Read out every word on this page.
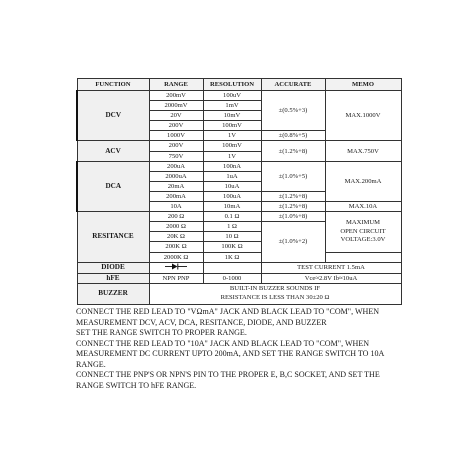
FUNCTION	RANGE	RESOLUTION	ACCURATE	MEMO
DCV	200mV	100uV	±(0.5%+3)	MAX.1000V
	2000mV	1mV		
	20V	10mV		
	200V	100mV		
	1000V	1V	±(0.8%+5)	
ACV	200V	100mV	±(1.2%+8)	MAX.750V
	750V	1V		
DCA	200uA	100nA	±(1.0%+5)	MAX.200mA
	2000uA	1uA		
	20mA	10uA		
	200mA	100uA	±(1.2%+8)	
	10A	10mA	±(1.2%+8)	MAX.10A
RESITANCE	200 Ω	0.1 Ω	±(1.0%+8)	MAXIMUM
OPEN CIRCUIT
VOLTAGE:3.0V

	2000 Ω	1 Ω	±(1.0%+2)	
	20K Ω	10 Ω		
	200K Ω	100K Ω		
	2000K Ω	1K Ω		
DIODE			TEST CURRENT 1.5mA	
hFE	NPN PNP	0-1000	Vce≈2.8V Ib≈10uA	
BUZZER	BUILT-IN BUZZER SOUNDS IF
RESISTANCE IS LESS THAN 30±20 Ω			

CONNECT THE RED LEAD TO "VΩmA" JACK AND BLACK LEAD TO "COM", WHEN

MEASUREMENT DCV, ACV, DCA, RESITANCE, DIODE, AND BUZZER

SET THE RANGE SWITCH TO PROPER RANGE.

CONNECT THE RED LEAD TO "10A" JACK AND BLACK LEAD TO "COM", WHEN

MEASUREMENT DC CURRENT UPTO 200mA, AND SET THE RANGE SWITCH TO 10A

RANGE.

CONNECT THE PNP'S OR NPN'S PIN TO THE PROPER E, B,C SOCKET, AND SET THE

RANGE SWITCH TO hFE RANGE.
